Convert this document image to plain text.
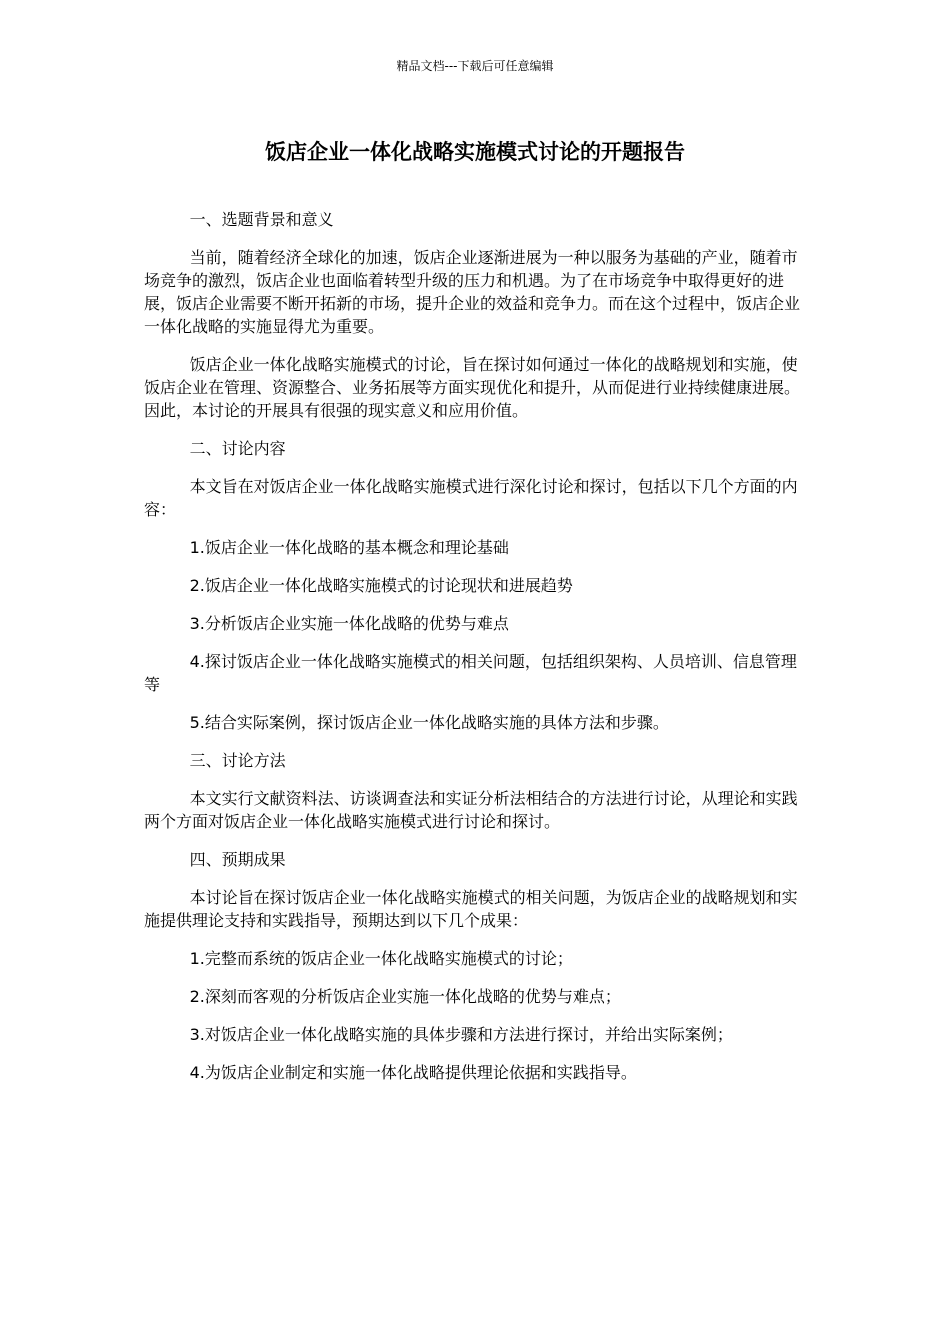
精品文档---下载后可任意编辑
饭店企业一体化战略实施模式讨论的开题报告

一、选题背景和意义

当前，随着经济全球化的加速，饭店企业逐渐进展为一种以服务为基础的产业，随着市场竞争的激烈，饭店企业也面临着转型升级的压力和机遇。为了在市场竞争中取得更好的进展，饭店企业需要不断开拓新的市场，提升企业的效益和竞争力。而在这个过程中，饭店企业一体化战略的实施显得尤为重要。

饭店企业一体化战略实施模式的讨论，旨在探讨如何通过一体化的战略规划和实施，使饭店企业在管理、资源整合、业务拓展等方面实现优化和提升，从而促进行业持续健康进展。因此，本讨论的开展具有很强的现实意义和应用价值。

二、讨论内容

本文旨在对饭店企业一体化战略实施模式进行深化讨论和探讨，包括以下几个方面的内容：

1.饭店企业一体化战略的基本概念和理论基础

2.饭店企业一体化战略实施模式的讨论现状和进展趋势

3.分析饭店企业实施一体化战略的优势与难点

4.探讨饭店企业一体化战略实施模式的相关问题，包括组织架构、人员培训、信息管理等

5.结合实际案例，探讨饭店企业一体化战略实施的具体方法和步骤。

三、讨论方法

本文实行文献资料法、访谈调查法和实证分析法相结合的方法进行讨论，从理论和实践两个方面对饭店企业一体化战略实施模式进行讨论和探讨。

四、预期成果

本讨论旨在探讨饭店企业一体化战略实施模式的相关问题，为饭店企业的战略规划和实施提供理论支持和实践指导，预期达到以下几个成果：

1.完整而系统的饭店企业一体化战略实施模式的讨论；

2.深刻而客观的分析饭店企业实施一体化战略的优势与难点；

3.对饭店企业一体化战略实施的具体步骤和方法进行探讨，并给出实际案例；

4.为饭店企业制定和实施一体化战略提供理论依据和实践指导。
